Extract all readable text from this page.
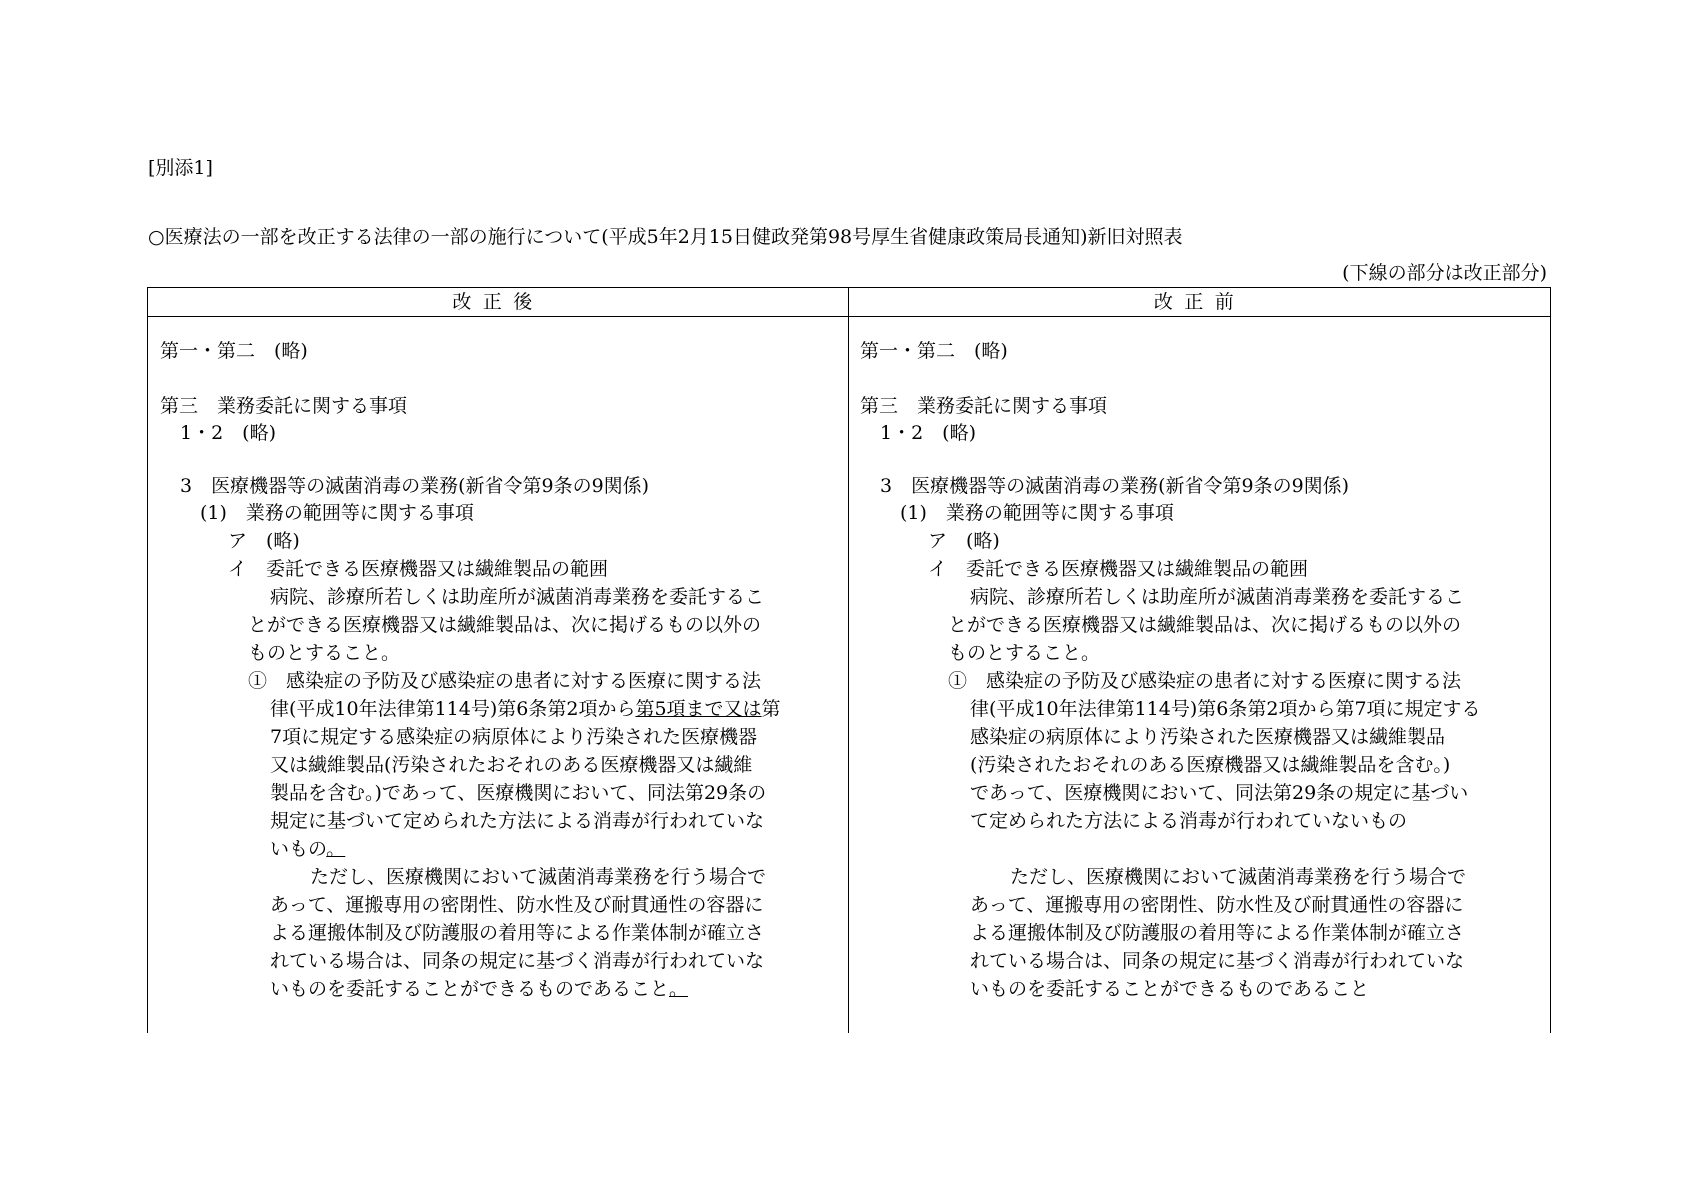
[別添1]
○医療法の一部を改正する法律の一部の施行について(平成5年2月15日健政発第98号厚生省健康政策局長通知)新旧対照表
(下線の部分は改正部分)
改正後	改正前
第一・第二　(略)
第三　業務委託に関する事項
1・2　(略)
3　医療機器等の滅菌消毒の業務(新省令第9条の9関係)
(1)　業務の範囲等に関する事項
ア　(略)
イ　委託できる医療機器又は繊維製品の範囲
病院、診療所若しくは助産所が滅菌消毒業務を委託するこ
とができる医療機器又は繊維製品は、次に掲げるもの以外の
ものとすること。
①　感染症の予防及び感染症の患者に対する医療に関する法
律(平成10年法律第114号)第6条第2項から第5項まで又は第
7項に規定する感染症の病原体により汚染された医療機器
又は繊維製品(汚染されたおそれのある医療機器又は繊維
製品を含む。)であって、医療機関において、同法第29条の
規定に基づいて定められた方法による消毒が行われていな
いもの。
ただし、医療機関において滅菌消毒業務を行う場合で
あって、運搬専用の密閉性、防水性及び耐貫通性の容器に
よる運搬体制及び防護服の着用等による作業体制が確立さ
れている場合は、同条の規定に基づく消毒が行われていな
いものを委託することができるものであること。
第一・第二　(略)
第三　業務委託に関する事項
1・2　(略)
3　医療機器等の滅菌消毒の業務(新省令第9条の9関係)
(1)　業務の範囲等に関する事項
ア　(略)
イ　委託できる医療機器又は繊維製品の範囲
病院、診療所若しくは助産所が滅菌消毒業務を委託するこ
とができる医療機器又は繊維製品は、次に掲げるもの以外の
ものとすること。
①　感染症の予防及び感染症の患者に対する医療に関する法
律(平成10年法律第114号)第6条第2項から第7項に規定する
感染症の病原体により汚染された医療機器又は繊維製品
(汚染されたおそれのある医療機器又は繊維製品を含む。)
であって、医療機関において、同法第29条の規定に基づい
て定められた方法による消毒が行われていないもの
ただし、医療機関において滅菌消毒業務を行う場合で
あって、運搬専用の密閉性、防水性及び耐貫通性の容器に
よる運搬体制及び防護服の着用等による作業体制が確立さ
れている場合は、同条の規定に基づく消毒が行われていな
いものを委託することができるものであること
